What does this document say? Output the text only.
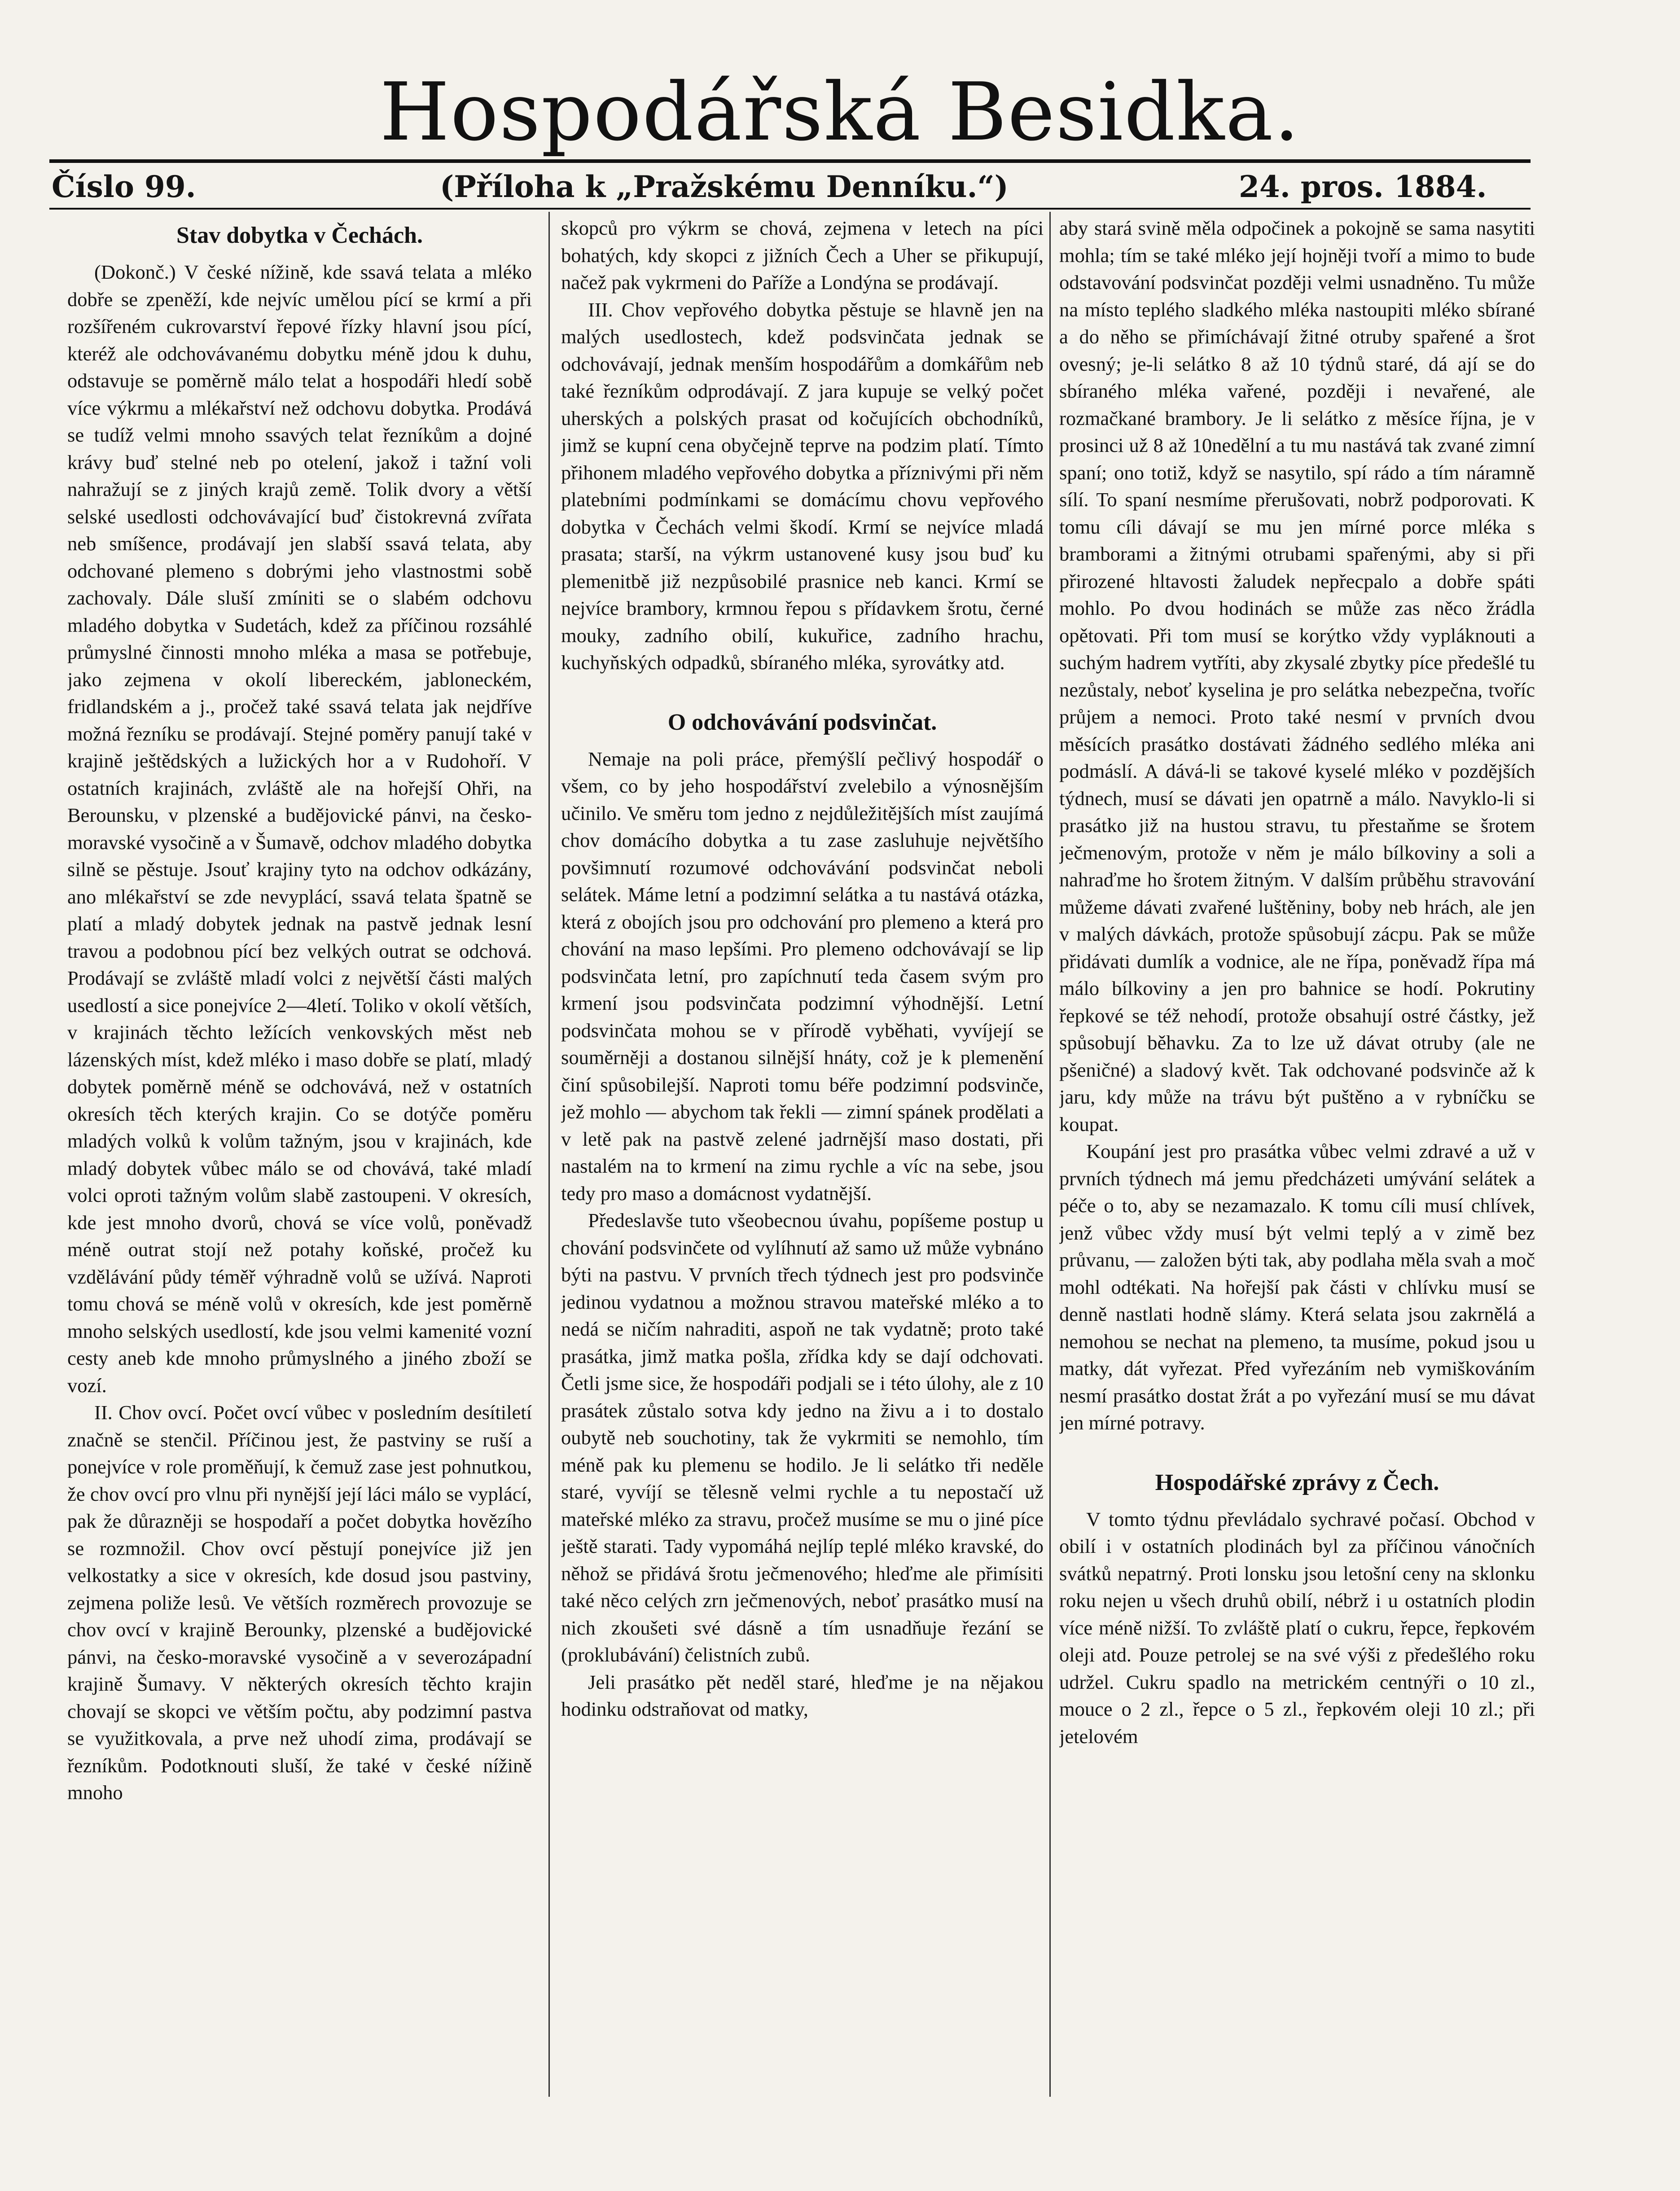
Hospodářská Besidka.
Číslo 99.	(Příloha k „Pražskému Denníku.“)	24. pros. 1884.
Stav dobytka v Čechách.

(Dokonč.) V české nížině, kde ssavá telata a mléko dobře se zpeněží, kde nejvíc umělou pící se krmí a při rozšířeném cukrovarství řepové řízky hlavní jsou pící, kteréž ale odchovávanému dobytku méně jdou k duhu, odstavuje se poměrně málo telat a hospodáři hledí sobě více výkrmu a mlékařství než odchovu dobytka. Prodává se tudíž velmi mnoho ssavých telat řezníkům a dojné krávy buď stelné neb po otelení, jakož i tažní voli nahražují se z jiných krajů země. Tolik dvory a větší selské usedlosti odchovávající buď čistokrevná zvířata neb smíšence, prodávají jen slabší ssavá telata, aby odchované plemeno s dobrými jeho vlastnostmi sobě zachovaly. Dále sluší zmíniti se o slabém odchovu mladého dobytka v Sudetách, kdež za příčinou rozsáhlé průmyslné činnosti mnoho mléka a masa se potřebuje, jako zejmena v okolí libereckém, jabloneckém, fridlandském a j., pročež také ssavá telata jak nejdříve možná řezníku se prodávají. Stejné poměry panují také v krajině ještědských a lužických hor a v Rudohoří. V ostatních krajinách, zvláště ale na hořejší Ohři, na Berounsku, v plzenské a budějovické pánvi, na česko-moravské vysočině a v Šumavě, odchov mladého dobytka silně se pěstuje. Jsouť krajiny tyto na odchov odkázány, ano mlékařství se zde nevyplácí, ssavá telata špatně se platí a mladý dobytek jednak na pastvě jednak lesní travou a podobnou pící bez velkých outrat se odchová. Prodávají se zvláště mladí volci z největší části malých usedlostí a sice ponejvíce 2—4letí. Toliko v okolí větších, v krajinách těchto ležících venkovských měst neb lázenských míst, kdež mléko i maso dobře se platí, mladý dobytek poměrně méně se odchovává, než v ostatních okresích těch kterých krajin. Co se dotýče poměru mladých volků k volům tažným, jsou v krajinách, kde mladý dobytek vůbec málo se od chovává, také mladí volci oproti tažným volům slabě zastoupeni. V okresích, kde jest mnoho dvorů, chová se více volů, poněvadž méně outrat stojí než potahy koňské, pročež ku vzdělávání půdy téměř výhradně volů se užívá. Naproti tomu chová se méně volů v okresích, kde jest poměrně mnoho selských usedlostí, kde jsou velmi kamenité vozní cesty aneb kde mnoho průmyslného a jiného zboží se vozí.

II. Chov ovcí. Počet ovcí vůbec v posledním desítiletí značně se stenčil. Příčinou jest, že pastviny se ruší a ponejvíce v role proměňují, k čemuž zase jest pohnutkou, že chov ovcí pro vlnu při nynější její láci málo se vyplácí, pak že důrazněji se hospodaří a počet dobytka hovězího se rozmnožil. Chov ovcí pěstují ponejvíce již jen velkostatky a sice v okresích, kde dosud jsou pastviny, zejmena poliže lesů. Ve větších rozměrech provozuje se chov ovcí v krajině Berounky, plzenské a budějovické pánvi, na česko-moravské vysočině a v severozápadní krajině Šumavy. V některých okresích těchto krajin chovají se skopci ve větším počtu, aby podzimní pastva se využitkovala, a prve než uhodí zima, prodávají se řezníkům. Podotknouti sluší, že také v české nížině mnoho

skopců pro výkrm se chová, zejmena v letech na píci bohatých, kdy skopci z jižních Čech a Uher se přikupují, načež pak vykrmeni do Paříže a Londýna se prodávají.

III. Chov vepřového dobytka pěstuje se hlavně jen na malých usedlostech, kdež podsvinčata jednak se odchovávají, jednak menším hospodářům a domkářům neb také řezníkům odprodávají. Z jara kupuje se velký počet uherských a polských prasat od kočujících obchodníků, jimž se kupní cena obyčejně teprve na podzim platí. Tímto přihonem mladého vepřového dobytka a příznivými při něm platebními podmínkami se domácímu chovu vepřového dobytka v Čechách velmi škodí. Krmí se nejvíce mladá prasata; starší, na výkrm ustanovené kusy jsou buď ku plemenitbě již nezpůsobilé prasnice neb kanci. Krmí se nejvíce brambory, krmnou řepou s přídavkem šrotu, černé mouky, zadního obilí, kukuřice, zadního hrachu, kuchyňských odpadků, sbíraného mléka, syrovátky atd.

O odchovávání podsvinčat.

Nemaje na poli práce, přemýšlí pečlivý hospodář o všem, co by jeho hospodářství zvelebilo a výnosnějším učinilo. Ve směru tom jedno z nejdůležitějších míst zaujímá chov domácího dobytka a tu zase zasluhuje největšího povšimnutí rozumové odchovávání podsvinčat neboli selátek. Máme letní a podzimní selátka a tu nastává otázka, která z obojích jsou pro odchování pro plemeno a která pro chování na maso lepšími. Pro plemeno odchovávají se lip podsvinčata letní, pro zapíchnutí teda časem svým pro krmení jsou podsvinčata podzimní výhodnější. Letní podsvinčata mohou se v přírodě vyběhati, vyvíjejí se souměrněji a dostanou silnější hnáty, což je k plemenění činí spůsobilejší. Naproti tomu béře podzimní podsvinče, jež mohlo — abychom tak řekli — zimní spánek prodělati a v letě pak na pastvě zelené jadrnější maso dostati, při nastalém na to krmení na zimu rychle a víc na sebe, jsou tedy pro maso a domácnost vydatnější.

Předeslavše tuto všeobecnou úvahu, popíšeme postup u chování podsvinčete od vylíhnutí až samo už může vybnáno býti na pastvu. V prvních třech týdnech jest pro podsvinče jedinou vydatnou a možnou stravou mateřské mléko a to nedá se ničím nahraditi, aspoň ne tak vydatně; proto také prasátka, jimž matka pošla, zřídka kdy se dají odchovati. Četli jsme sice, že hospodáři podjali se i této úlohy, ale z 10 prasátek zůstalo sotva kdy jedno na živu a i to dostalo oubytě neb souchotiny, tak že vykrmiti se nemohlo, tím méně pak ku plemenu se hodilo. Je li selátko tři neděle staré, vyvíjí se tělesně velmi rychle a tu nepostačí už mateřské mléko za stravu, pročež musíme se mu o jiné píce ještě starati. Tady vypomáhá nejlíp teplé mléko kravské, do něhož se přidává šrotu ječmenového; hleďme ale přimísiti také něco celých zrn ječmenových, neboť prasátko musí na nich zkoušeti své dásně a tím usnadňuje řezání se (proklubávání) čelistních zubů.

Jeli prasátko pět neděl staré, hleďme je na nějakou hodinku odstraňovat od matky,

aby stará svině měla odpočinek a pokojně se sama nasytiti mohla; tím se také mléko její hojněji tvoří a mimo to bude odstavování podsvinčat později velmi usnadněno. Tu může na místo teplého sladkého mléka nastoupiti mléko sbírané a do něho se přimíchávají žitné otruby spařené a šrot ovesný; je-li selátko 8 až 10 týdnů staré, dá ají se do sbíraného mléka vařené, později i nevařené, ale rozmačkané brambory. Je li selátko z měsíce října, je v prosinci už 8 až 10nedělní a tu mu nastává tak zvané zimní spaní; ono totiž, když se nasytilo, spí rádo a tím náramně sílí. To spaní nesmíme přerušovati, nobrž podporovati. K tomu cíli dávají se mu jen mírné porce mléka s bramborami a žitnými otrubami spařenými, aby si při přirozené hltavosti žaludek nepřecpalo a dobře spáti mohlo. Po dvou hodinách se může zas něco žrádla opětovati. Při tom musí se korýtko vždy vypláknouti a suchým hadrem vytříti, aby zkysalé zbytky píce předešlé tu nezůstaly, neboť kyselina je pro selátka nebezpečna, tvoříc průjem a nemoci. Proto také nesmí v prvních dvou měsících prasátko dostávati žádného sedlého mléka ani podmáslí. A dává-li se takové kyselé mléko v pozdějších týdnech, musí se dávati jen opatrně a málo. Navyklo-li si prasátko již na hustou stravu, tu přestaňme se šrotem ječmenovým, protože v něm je málo bílkoviny a soli a nahraďme ho šrotem žitným. V dalším průběhu stravování můžeme dávati zvařené luštěniny, boby neb hrách, ale jen v malých dávkách, protože spůsobují zácpu. Pak se může přidávati dumlík a vodnice, ale ne řípa, poněvadž řípa má málo bílkoviny a jen pro bahnice se hodí. Pokrutiny řepkové se též nehodí, protože obsahují ostré částky, jež spůsobují běhavku. Za to lze už dávat otruby (ale ne pšeničné) a sladový květ. Tak odchované podsvinče až k jaru, kdy může na trávu být puštěno a v rybníčku se koupat.

Koupání jest pro prasátka vůbec velmi zdravé a už v prvních týdnech má jemu předcházeti umývání selátek a péče o to, aby se nezamazalo. K tomu cíli musí chlívek, jenž vůbec vždy musí být velmi teplý a v zimě bez průvanu, — založen býti tak, aby podlaha měla svah a moč mohl odtékati. Na hořejší pak části v chlívku musí se denně nastlati hodně slámy. Která selata jsou zakrnělá a nemohou se nechat na plemeno, ta musíme, pokud jsou u matky, dát vyřezat. Před vyřezáním neb vymiškováním nesmí prasátko dostat žrát a po vyřezání musí se mu dávat jen mírné potravy.

Hospodářské zprávy z Čech.

V tomto týdnu převládalo sychravé počasí. Obchod v obilí i v ostatních plodinách byl za příčinou vánočních svátků nepatrný. Proti lonsku jsou letošní ceny na sklonku roku nejen u všech druhů obilí, nébrž i u ostatních plodin více méně nižší. To zvláště platí o cukru, řepce, řepkovém oleji atd. Pouze petrolej se na své výši z předešlého roku udržel. Cukru spadlo na metrickém centnýři o 10 zl., mouce o 2 zl., řepce o 5 zl., řepkovém oleji 10 zl.; při jetelovém
